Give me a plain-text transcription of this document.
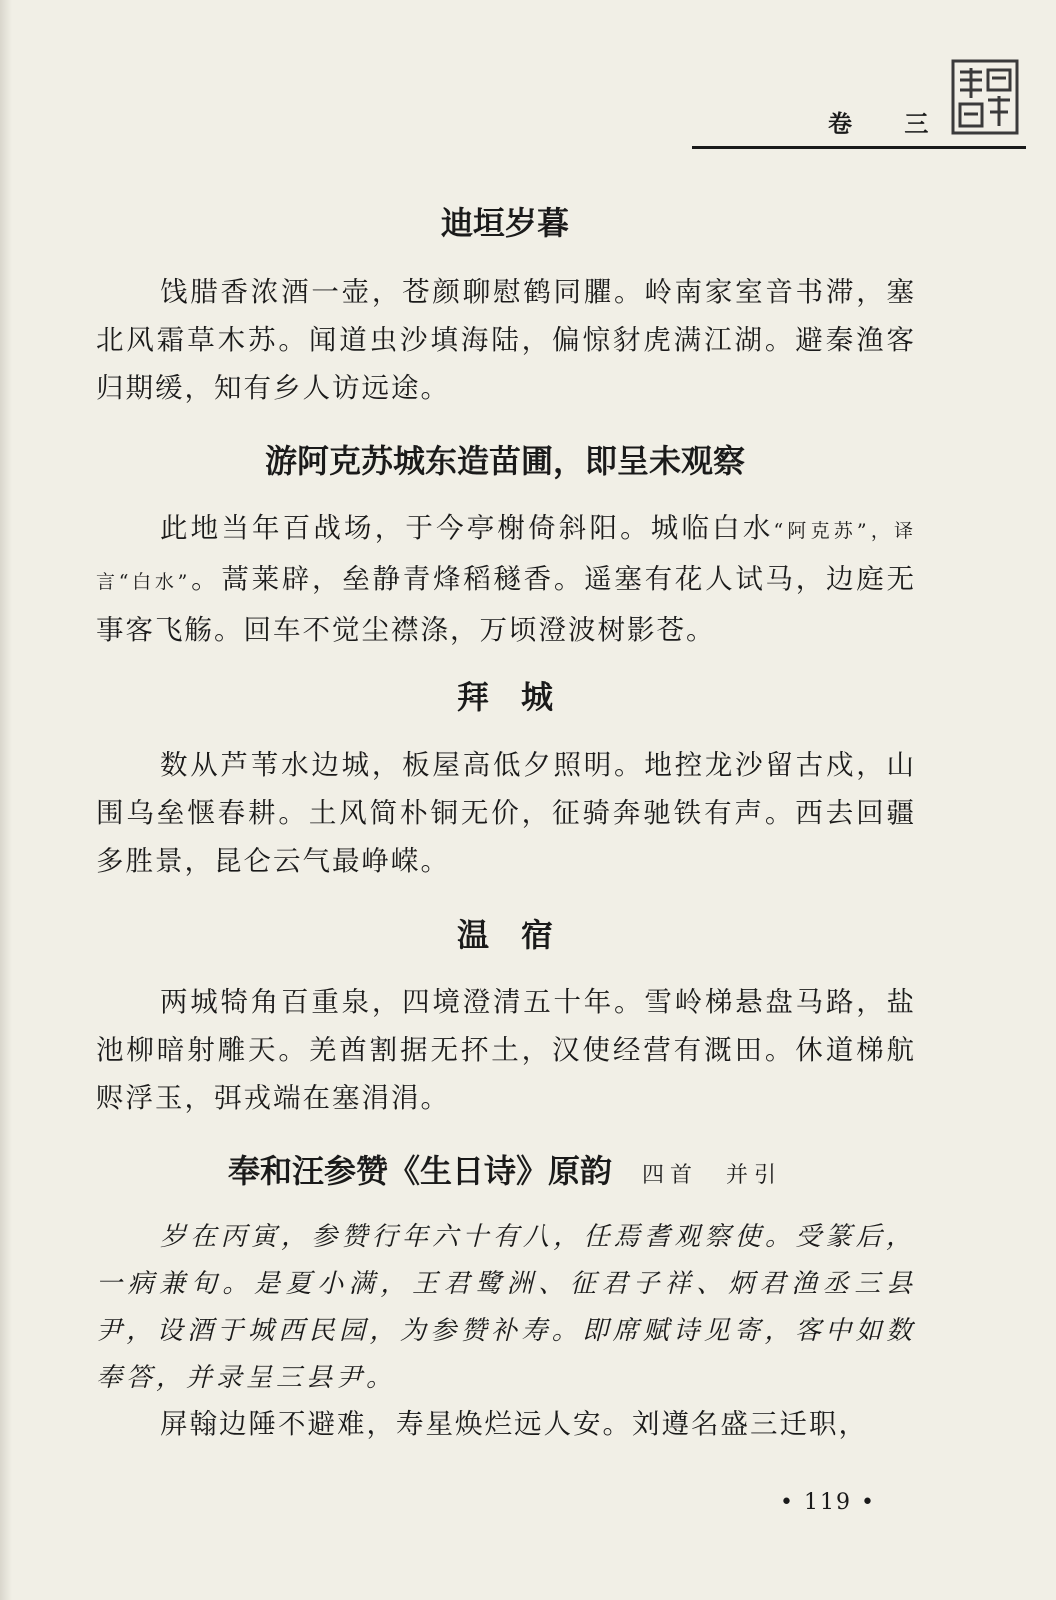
卷 三
迪垣岁暮

饯腊香浓酒一壶，苍颜聊慰鹤同臞。岭南家室音书滞，塞北风霜草木苏。闻道虫沙填海陆，偏惊豺虎满江湖。避秦渔客归期缓，知有乡人访远途。

游阿克苏城东造苗圃，即呈未观察

此地当年百战场，于今亭榭倚斜阳。城临白水“阿克苏”，译言“白水”。蒿莱辟，垒静青烽稻穟香。遥塞有花人试马，边庭无事客飞觞。回车不觉尘襟涤，万顷澄波树影苍。

拜　城

数从芦苇水边城，板屋高低夕照明。地控龙沙留古戍，山围乌垒惬春耕。土风简朴铜无价，征骑奔驰铁有声。西去回疆多胜景，昆仑云气最峥嵘。

温　宿

两城犄角百重泉，四境澄清五十年。雪岭梯悬盘马路，盐池柳暗射雕天。羌酋割据无抔土，汉使经营有溉田。休道梯航赆浮玉，弭戎端在塞涓涓。

奉和汪参赞《生日诗》原韵 四首　并引

岁在丙寅，参赞行年六十有八，任焉耆观察使。受篆后，一病兼旬。是夏小满，王君鹭洲、征君子祥、炳君渔丞三县尹，设酒于城西民园，为参赞补寿。即席赋诗见寄，客中如数奉答，并录呈三县尹。

屏翰边陲不避难，寿星焕烂远人安。刘遵名盛三迁职，

• 119 •
